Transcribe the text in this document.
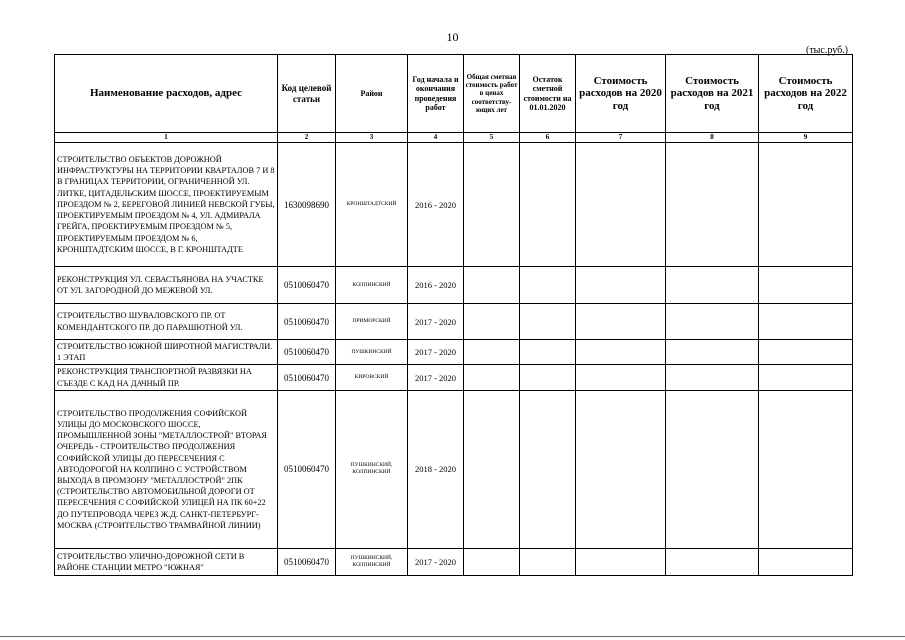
10
(тыс.руб.)
Наименование расходов, адрес	Код целевой статьи	Район	Год начала и окончания проведения работ	Общая сметная стоимость работ в ценах соответству-ющих лет	Остаток сметной стоимости на 01.01.2020	Стоимость расходов на 2020 год	Стоимость расходов на 2021 год	Стоимость расходов на 2022 год
1	2	3	4	5	6	7	8	9
СТРОИТЕЛЬСТВО ОБЪЕКТОВ ДОРОЖНОЙ ИНФРАСТРУКТУРЫ НА ТЕРРИТОРИИ КВАРТАЛОВ 7 И 8 В ГРАНИЦАХ ТЕРРИТОРИИ, ОГРАНИЧЕННОЙ УЛ. ЛИТКЕ, ЦИТАДЕЛЬСКИМ ШОССЕ, ПРОЕКТИРУЕМЫМ ПРОЕЗДОМ № 2, БЕРЕГОВОЙ ЛИНИЕЙ НЕВСКОЙ ГУБЫ, ПРОЕКТИРУЕМЫМ ПРОЕЗДОМ № 4, УЛ. АДМИРАЛА ГРЕЙГА, ПРОЕКТИРУЕМЫМ ПРОЕЗДОМ № 5, ПРОЕКТИРУЕМЫМ ПРОЕЗДОМ № 6, КРОНШТАДТСКИМ ШОССЕ, В Г. КРОНШТАДТЕ	1630098690	КРОНШТАДТСКИЙ	2016 - 2020					
РЕКОНСТРУКЦИЯ УЛ. СЕВАСТЬЯНОВА НА УЧАСТКЕ ОТ УЛ. ЗАГОРОДНОЙ ДО МЕЖЕВОЙ УЛ.	0510060470	КОЛПИНСКИЙ	2016 - 2020					
СТРОИТЕЛЬСТВО ШУВАЛОВСКОГО ПР. ОТ КОМЕНДАНТСКОГО ПР. ДО ПАРАШЮТНОЙ УЛ.	0510060470	ПРИМОРСКИЙ	2017 - 2020					
СТРОИТЕЛЬСТВО ЮЖНОЙ ШИРОТНОЙ МАГИСТРАЛИ. 1 ЭТАП	0510060470	ПУШКИНСКИЙ	2017 - 2020					
РЕКОНСТРУКЦИЯ ТРАНСПОРТНОЙ РАЗВЯЗКИ НА СЪЕЗДЕ С КАД НА ДАЧНЫЙ ПР.	0510060470	КИРОВСКИЙ	2017 - 2020					
СТРОИТЕЛЬСТВО ПРОДОЛЖЕНИЯ СОФИЙСКОЙ УЛИЦЫ ДО МОСКОВСКОГО ШОССЕ, ПРОМЫШЛЕННОЙ ЗОНЫ "МЕТАЛЛОСТРОЙ" ВТОРАЯ ОЧЕРЕДЬ - СТРОИТЕЛЬСТВО ПРОДОЛЖЕНИЯ СОФИЙСКОЙ УЛИЦЫ ДО ПЕРЕСЕЧЕНИЯ С АВТОДОРОГОЙ НА КОЛПИНО С УСТРОЙСТВОМ ВЫХОДА В ПРОМЗОНУ "МЕТАЛЛОСТРОЙ" 2ПК (СТРОИТЕЛЬСТВО АВТОМОБИЛЬНОЙ ДОРОГИ ОТ ПЕРЕСЕЧЕНИЯ С СОФИЙСКОЙ УЛИЦЕЙ НА ПК 60+22 ДО ПУТЕПРОВОДА ЧЕРЕЗ Ж.Д. САНКТ-ПЕТЕРБУРГ-МОСКВА (СТРОИТЕЛЬСТВО ТРАМВАЙНОЙ ЛИНИИ)	0510060470	ПУШКИНСКИЙ, КОЛПИНСКИЙ	2018 - 2020					
СТРОИТЕЛЬСТВО УЛИЧНО-ДОРОЖНОЙ СЕТИ В РАЙОНЕ СТАНЦИИ МЕТРО "ЮЖНАЯ"	0510060470	ПУШКИНСКИЙ, КОЛПИНСКИЙ	2017 - 2020					
